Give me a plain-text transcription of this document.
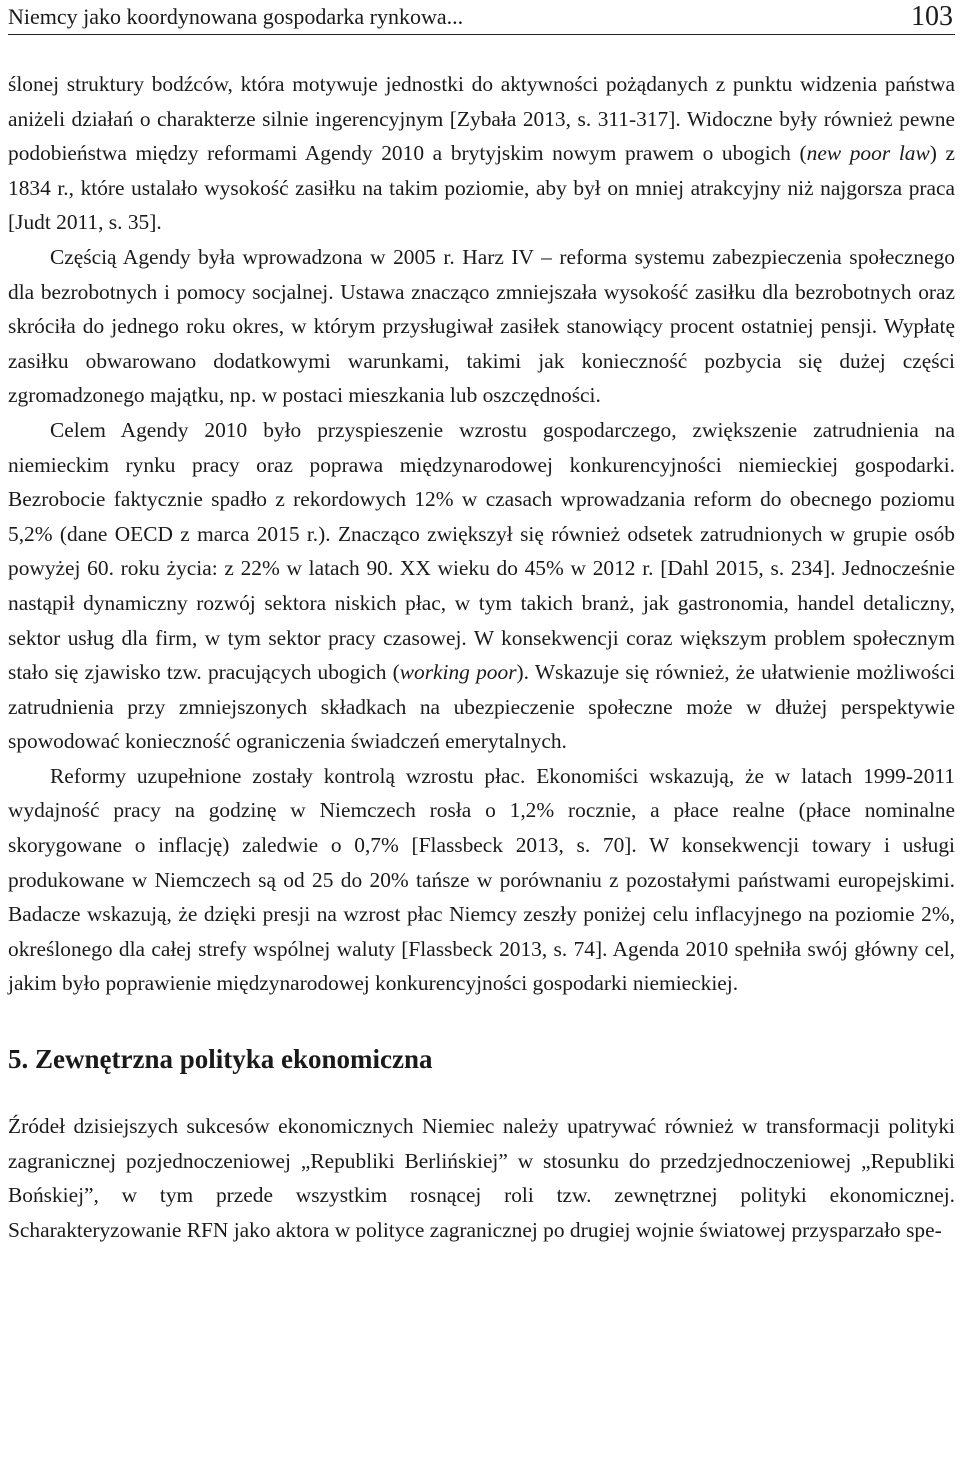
Niemcy jako koordynowana gospodarka rynkowa...	103

ślonej struktury bodźców, która motywuje jednostki do aktywności pożądanych z punktu widzenia państwa aniżeli działań o charakterze silnie ingerencyjnym [Zybała 2013, s. 311-317]. Widoczne były również pewne podobieństwa między reformami Agendy 2010 a brytyjskim nowym prawem o ubogich (new poor law) z 1834 r., które ustalało wysokość zasiłku na takim poziomie, aby był on mniej atrakcyjny niż najgorsza praca [Judt 2011, s. 35].

Częścią Agendy była wprowadzona w 2005 r. Harz IV – reforma systemu zabezpieczenia społecznego dla bezrobotnych i pomocy socjalnej. Ustawa znacząco zmniejszała wysokość zasiłku dla bezrobotnych oraz skróciła do jednego roku okres, w którym przysługiwał zasiłek stanowiący procent ostatniej pensji. Wypłatę zasiłku obwarowano dodatkowymi warunkami, takimi jak konieczność pozbycia się dużej części zgromadzonego majątku, np. w postaci mieszkania lub oszczędności.

Celem Agendy 2010 było przyspieszenie wzrostu gospodarczego, zwiększenie zatrudnienia na niemieckim rynku pracy oraz poprawa międzynarodowej konkurencyjności niemieckiej gospodarki. Bezrobocie faktycznie spadło z rekordowych 12% w czasach wprowadzania reform do obecnego poziomu 5,2% (dane OECD z marca 2015 r.). Znacząco zwiększył się również odsetek zatrudnionych w grupie osób powyżej 60. roku życia: z 22% w latach 90. XX wieku do 45% w 2012 r. [Dahl 2015, s. 234]. Jednocześnie nastąpił dynamiczny rozwój sektora niskich płac, w tym takich branż, jak gastronomia, handel detaliczny, sektor usług dla firm, w tym sektor pracy czasowej. W konsekwencji coraz większym problem społecznym stało się zjawisko tzw. pracujących ubogich (working poor). Wskazuje się również, że ułatwienie możliwości zatrudnienia przy zmniejszonych składkach na ubezpieczenie społeczne może w dłużej perspektywie spowodować konieczność ograniczenia świadczeń emerytalnych.

Reformy uzupełnione zostały kontrolą wzrostu płac. Ekonomiści wskazują, że w latach 1999-2011 wydajność pracy na godzinę w Niemczech rosła o 1,2% rocznie, a płace realne (płace nominalne skorygowane o inflację) zaledwie o 0,7% [Flassbeck 2013, s. 70]. W konsekwencji towary i usługi produkowane w Niemczech są od 25 do 20% tańsze w porównaniu z pozostałymi państwami europejskimi. Badacze wskazują, że dzięki presji na wzrost płac Niemcy zeszły poniżej celu inflacyjnego na poziomie 2%, określonego dla całej strefy wspólnej waluty [Flassbeck 2013, s. 74]. Agenda 2010 spełniła swój główny cel, jakim było poprawienie międzynarodowej konkurencyjności gospodarki niemieckiej.

5. Zewnętrzna polityka ekonomiczna

Źródeł dzisiejszych sukcesów ekonomicznych Niemiec należy upatrywać również w transformacji polityki zagranicznej pozjednoczeniowej „Republiki Berlińskiej” w stosunku do przedzjednoczeniowej „Republiki Bońskiej”, w tym przede wszystkim rosnącej roli tzw. zewnętrznej polityki ekonomicznej. Scharakteryzowanie RFN jako aktora w polityce zagranicznej po drugiej wojnie światowej przysparzało spe-
